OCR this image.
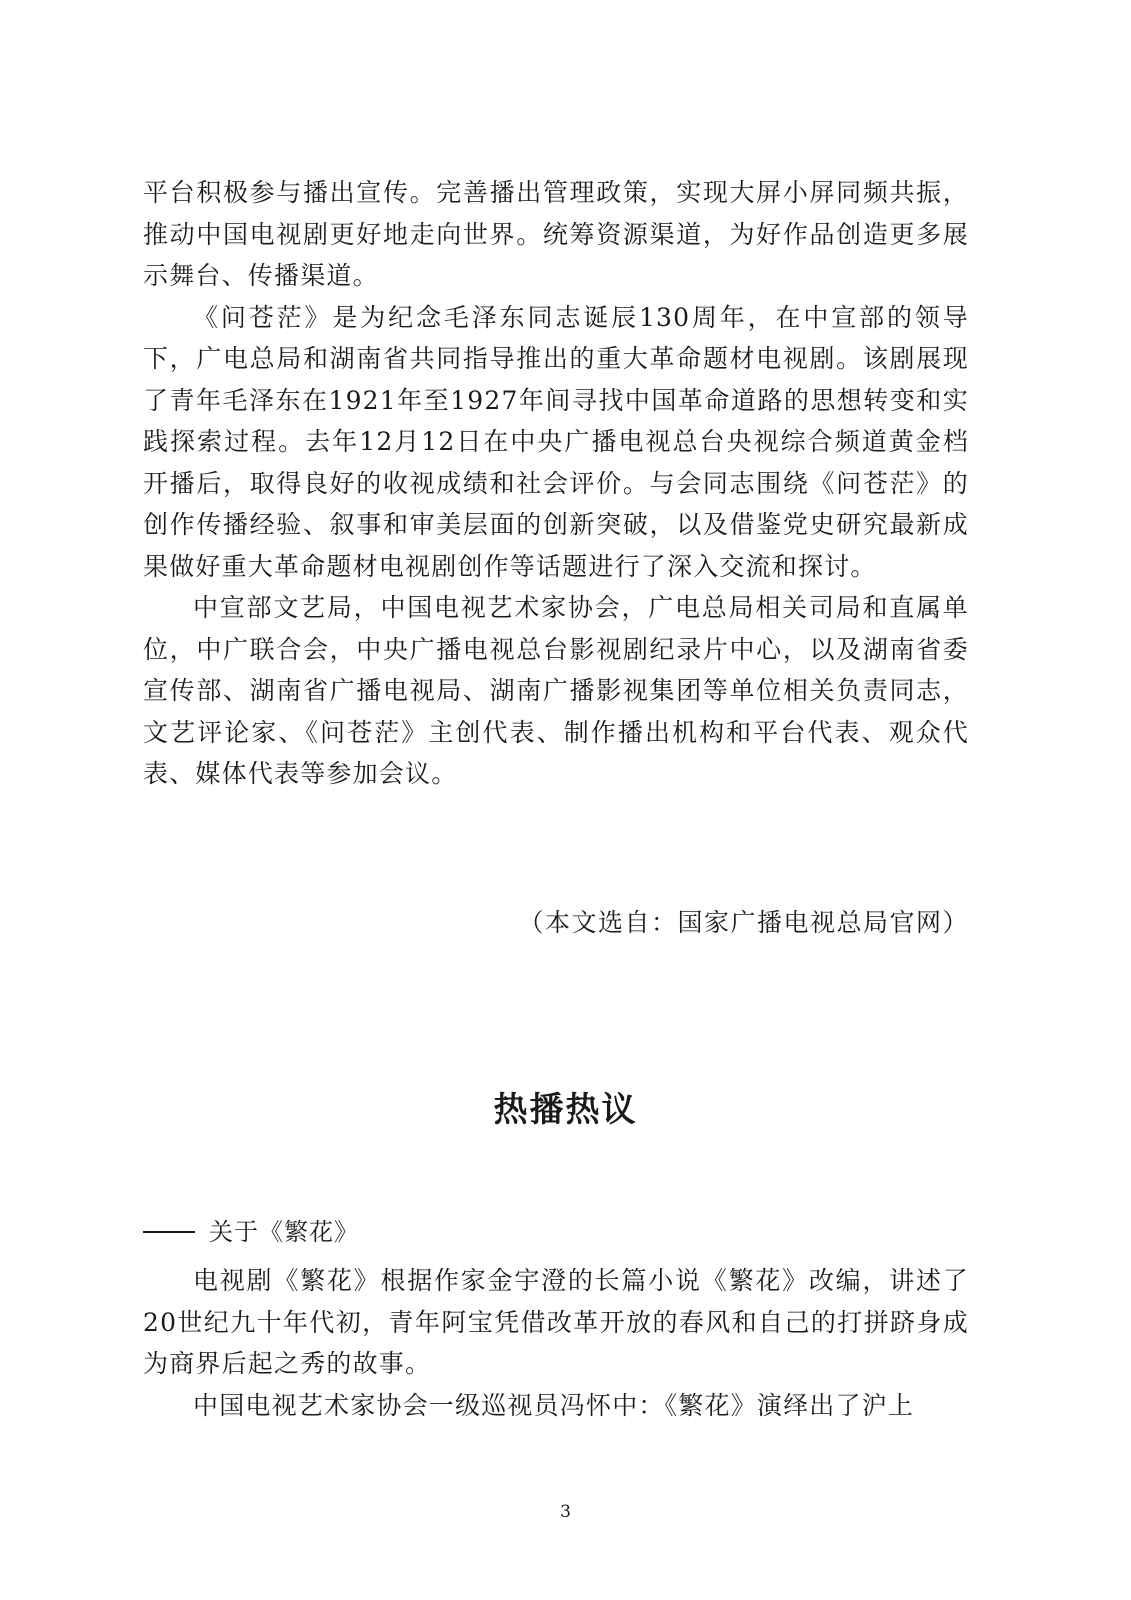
平台积极参与播出宣传。完善播出管理政策，实现大屏小屏同频共振，推动中国电视剧更好地走向世界。统筹资源渠道，为好作品创造更多展示舞台、传播渠道。

《问苍茫》是为纪念毛泽东同志诞辰130周年，在中宣部的领导下，广电总局和湖南省共同指导推出的重大革命题材电视剧。该剧展现了青年毛泽东在1921年至1927年间寻找中国革命道路的思想转变和实践探索过程。去年12月12日在中央广播电视总台央视综合频道黄金档开播后，取得良好的收视成绩和社会评价。与会同志围绕《问苍茫》的创作传播经验、叙事和审美层面的创新突破，以及借鉴党史研究最新成果做好重大革命题材电视剧创作等话题进行了深入交流和探讨。

中宣部文艺局，中国电视艺术家协会，广电总局相关司局和直属单位，中广联合会，中央广播电视总台影视剧纪录片中心，以及湖南省委宣传部、湖南省广播电视局、湖南广播影视集团等单位相关负责同志，文艺评论家、《问苍茫》主创代表、制作播出机构和平台代表、观众代表、媒体代表等参加会议。

（本文选自：国家广播电视总局官网）
热播热议
关于《繁花》

电视剧《繁花》根据作家金宇澄的长篇小说《繁花》改编，讲述了20世纪九十年代初，青年阿宝凭借改革开放的春风和自己的打拼跻身成为商界后起之秀的故事。

中国电视艺术家协会一级巡视员冯怀中：《繁花》演绎出了沪上

3
